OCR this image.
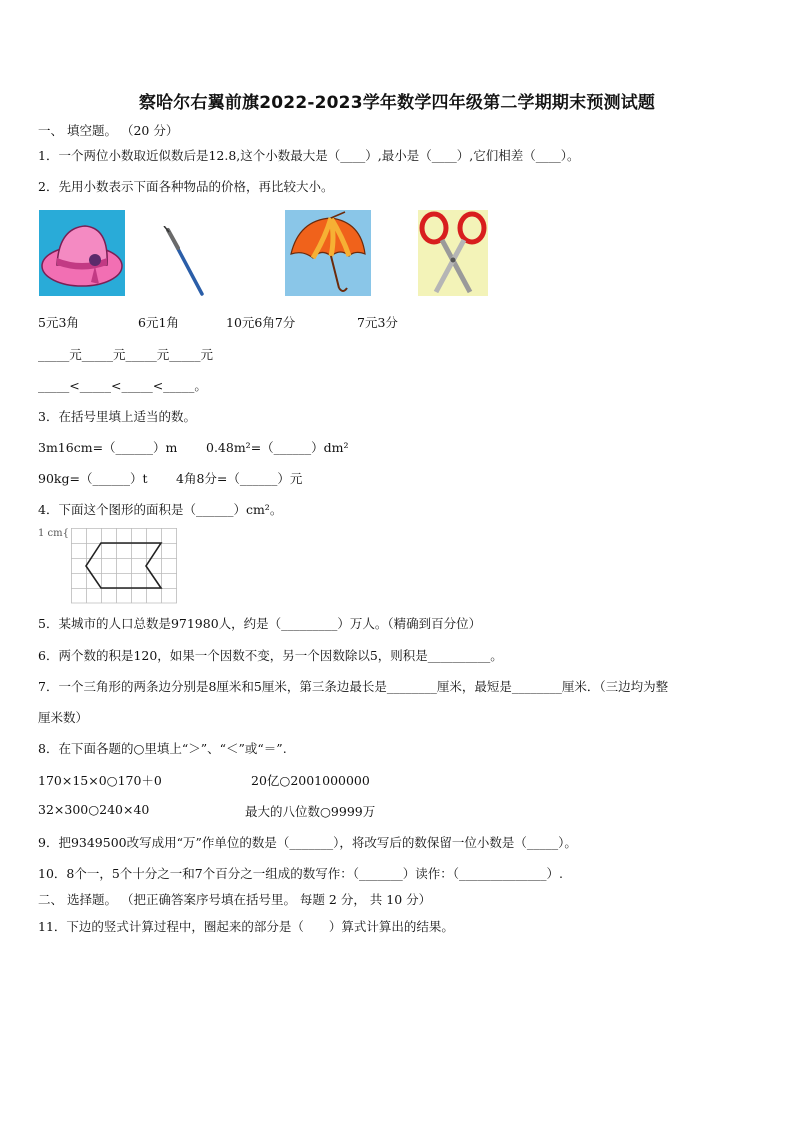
察哈尔右翼前旗2022-2023学年数学四年级第二学期期末预测试题
一、 填空题。 （20 分）
1．一个两位小数取近似数后是12.8,这个小数最大是（____）,最小是（____）,它们相差（____）。
2．先用小数表示下面各种物品的价格，再比较大小。
5元3角	6元1角	10元6角7分	7元3分
_____元_____元_____元_____元
_____<_____<_____<_____。
3．在括号里填上适当的数。
3m16cm=（______）m 0.48m²=（______）dm²
90kg=（______）t 4角8分=（______）元
4．下面这个图形的面积是（______）cm²。
1 cm{
5．某城市的人口总数是971980人，约是（_________）万人。（精确到百分位）
6．两个数的积是120，如果一个因数不变，另一个因数除以5，则积是__________。
7．一个三角形的两条边分别是8厘米和5厘米，第三条边最长是________厘米，最短是________厘米．（三边均为整
厘米数）
8．在下面各题的○里填上“＞”、“＜”或“＝”.
170×15×0○170＋0	20亿○2001000000
32×300○240×40	最大的八位数○9999万
9．把9349500改写成用“万”作单位的数是（_______），将改写后的数保留一位小数是（_____）。
10．8个一，5个十分之一和7个百分之一组成的数写作：（_______）读作：（______________）.
二、 选择题。 （把正确答案序号填在括号里。 每题 2 分， 共 10 分）
11．下边的竖式计算过程中，圈起来的部分是（　　）算式计算出的结果。
